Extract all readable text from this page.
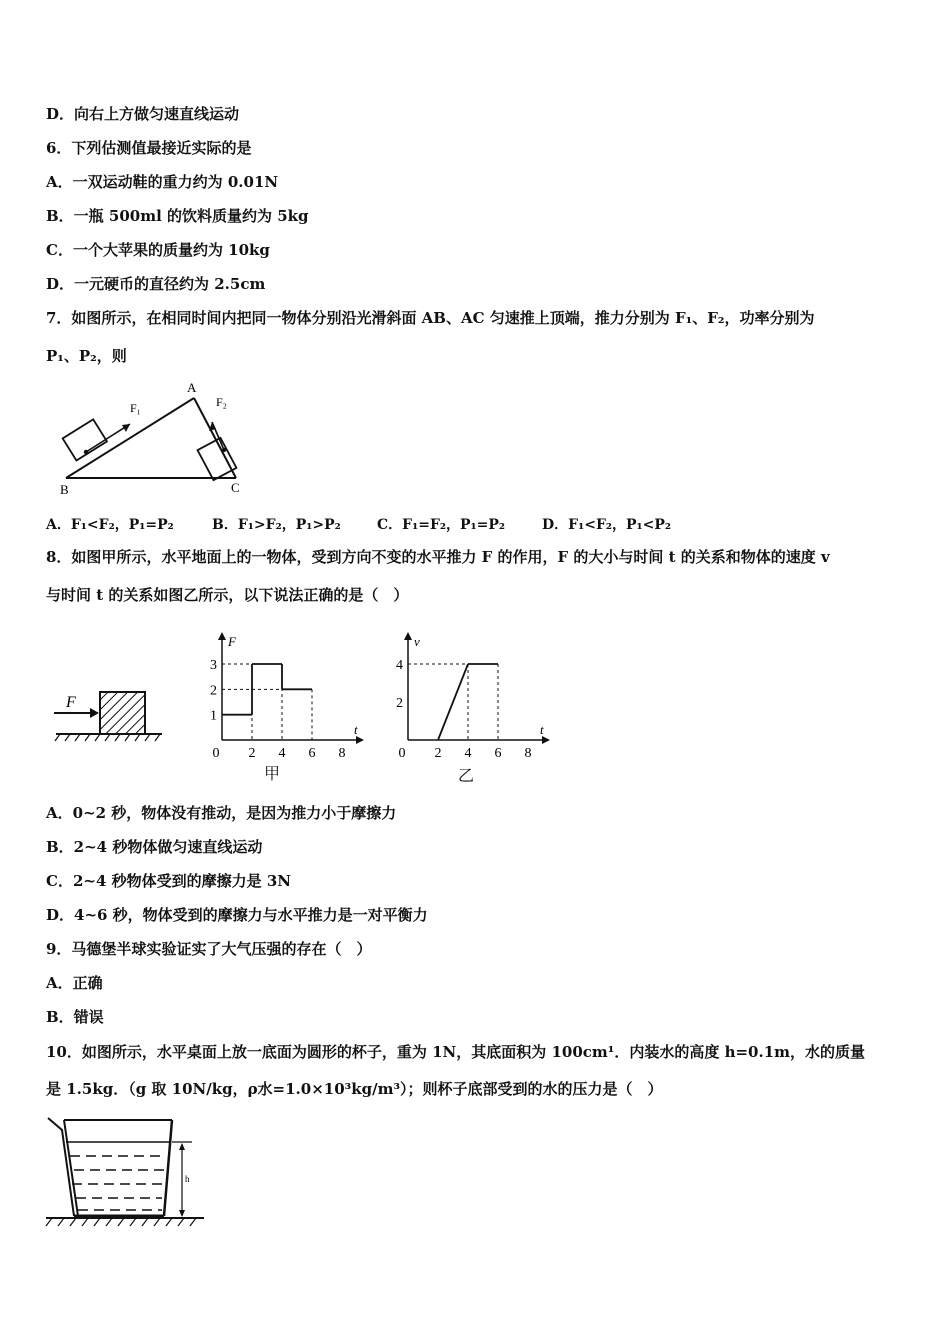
D．向右上方做匀速直线运动
6．下列估测值最接近实际的是
A．一双运动鞋的重力约为 0.01N
B．一瓶 500ml 的饮料质量约为 5kg
C．一个大苹果的质量约为 10kg
D．一元硬币的直径约为 2.5cm
7．如图所示，在相同时间内把同一物体分别沿光滑斜面 AB、AC 匀速推上顶端，推力分别为 F₁、F₂，功率分别为
P₁、P₂，则
A
B	C
F₁	F₂
A．F₁<F₂，P₁=P₂	B．F₁>F₂，P₁>P₂	C．F₁=F₂，P₁=P₂	D．F₁<F₂，P₁<P₂
8．如图甲所示，水平地面上的一物体，受到方向不变的水平推力 F 的作用，F 的大小与时间 t 的关系和物体的速度 v
与时间 t 的关系如图乙所示，以下说法正确的是（　）
F
F
t
0 2 4 6 8
1
2
3
v
t
0 2 4 6 8
2
4
甲	乙
A．0~2 秒，物体没有推动，是因为推力小于摩擦力
B．2~4 秒物体做匀速直线运动
C．2~4 秒物体受到的摩擦力是 3N
D．4~6 秒，物体受到的摩擦力与水平推力是一对平衡力
9．马德堡半球实验证实了大气压强的存在（　）
A．正确
B．错误
10．如图所示，水平桌面上放一底面为圆形的杯子，重为 1N，其底面积为 100cm¹．内装水的高度 h=0.1m，水的质量
是 1.5kg．（g 取 10N/kg，ρ水=1.0×10³kg/m³）；则杯子底部受到的水的压力是（　）
h
